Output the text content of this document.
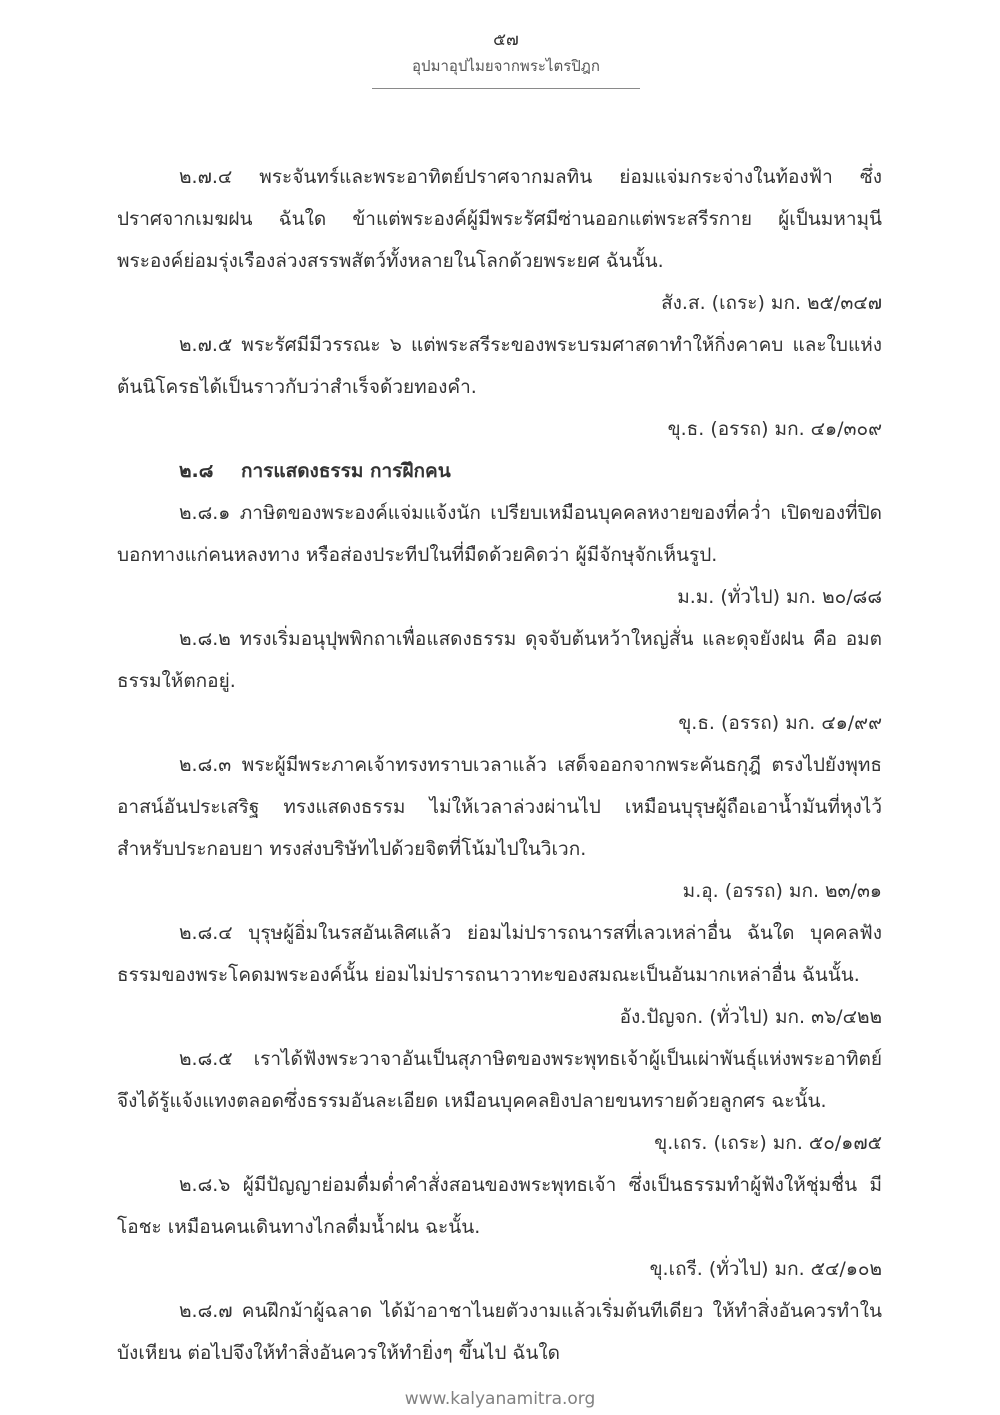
๕๗
อุปมาอุปไมยจากพระไตรปิฎก

๒.๗.๔ พระจันทร์และพระอาทิตย์ปราศจากมลทิน ย่อมแจ่มกระจ่างในท้องฟ้า ซึ่งปราศจากเมฆฝน ฉันใด ข้าแต่พระองค์ผู้มีพระรัศมีซ่านออกแต่พระสรีรกาย ผู้เป็นมหามุนี พระองค์ย่อมรุ่งเรืองล่วงสรรพสัตว์ทั้งหลายในโลกด้วยพระยศ ฉันนั้น.

สัง.ส. (เถระ) มก. ๒๕/๓๔๗

๒.๗.๕ พระรัศมีมีวรรณะ ๖ แต่พระสรีระของพระบรมศาสดาทำให้กิ่งคาคบ และใบแห่งต้นนิโครธได้เป็นราวกับว่าสำเร็จด้วยทองคำ.

ขุ.ธ. (อรรถ) มก. ๔๑/๓๐๙

๒.๘ การแสดงธรรม การฝึกคน

๒.๘.๑ ภาษิตของพระองค์แจ่มแจ้งนัก เปรียบเหมือนบุคคลหงายของที่คว่ำ เปิดของที่ปิดบอกทางแก่คนหลงทาง หรือส่องประทีปในที่มืดด้วยคิดว่า ผู้มีจักษุจักเห็นรูป.

ม.ม. (ทั่วไป) มก. ๒๐/๘๘

๒.๘.๒ ทรงเริ่มอนุปุพพิกถาเพื่อแสดงธรรม ดุจจับต้นหว้าใหญ่สั่น และดุจยังฝน คือ อมตธรรมให้ตกอยู่.

ขุ.ธ. (อรรถ) มก. ๔๑/๙๙

๒.๘.๓ พระผู้มีพระภาคเจ้าทรงทราบเวลาแล้ว เสด็จออกจากพระคันธกุฎี ตรงไปยังพุทธอาสน์อันประเสริฐ ทรงแสดงธรรม ไม่ให้เวลาล่วงผ่านไป เหมือนบุรุษผู้ถือเอาน้ำมันที่หุงไว้สำหรับประกอบยา ทรงส่งบริษัทไปด้วยจิตที่โน้มไปในวิเวก.

ม.อุ. (อรรถ) มก. ๒๓/๓๑

๒.๘.๔ บุรุษผู้อิ่มในรสอันเลิศแล้ว ย่อมไม่ปรารถนารสที่เลวเหล่าอื่น ฉันใด บุคคลฟังธรรมของพระโคดมพระองค์นั้น ย่อมไม่ปรารถนาวาทะของสมณะเป็นอันมากเหล่าอื่น ฉันนั้น.

อัง.ปัญจก. (ทั่วไป) มก. ๓๖/๔๒๒

๒.๘.๕ เราได้ฟังพระวาจาอันเป็นสุภาษิตของพระพุทธเจ้าผู้เป็นเผ่าพันธุ์แห่งพระอาทิตย์ จึงได้รู้แจ้งแทงตลอดซึ่งธรรมอันละเอียด เหมือนบุคคลยิงปลายขนทรายด้วยลูกศร ฉะนั้น.

ขุ.เถร. (เถระ) มก. ๕๐/๑๗๕

๒.๘.๖ ผู้มีปัญญาย่อมดื่มด่ำคำสั่งสอนของพระพุทธเจ้า ซึ่งเป็นธรรมทำผู้ฟังให้ชุ่มชื่น มีโอชะ เหมือนคนเดินทางไกลดื่มน้ำฝน ฉะนั้น.

ขุ.เถรี. (ทั่วไป) มก. ๕๔/๑๐๒

๒.๘.๗ คนฝึกม้าผู้ฉลาด ได้ม้าอาชาไนยตัวงามแล้วเริ่มต้นทีเดียว ให้ทำสิ่งอันควรทำในบังเหียน ต่อไปจึงให้ทำสิ่งอันควรให้ทำยิ่งๆ ขึ้นไป ฉันใด

www.kalyanamitra.org
